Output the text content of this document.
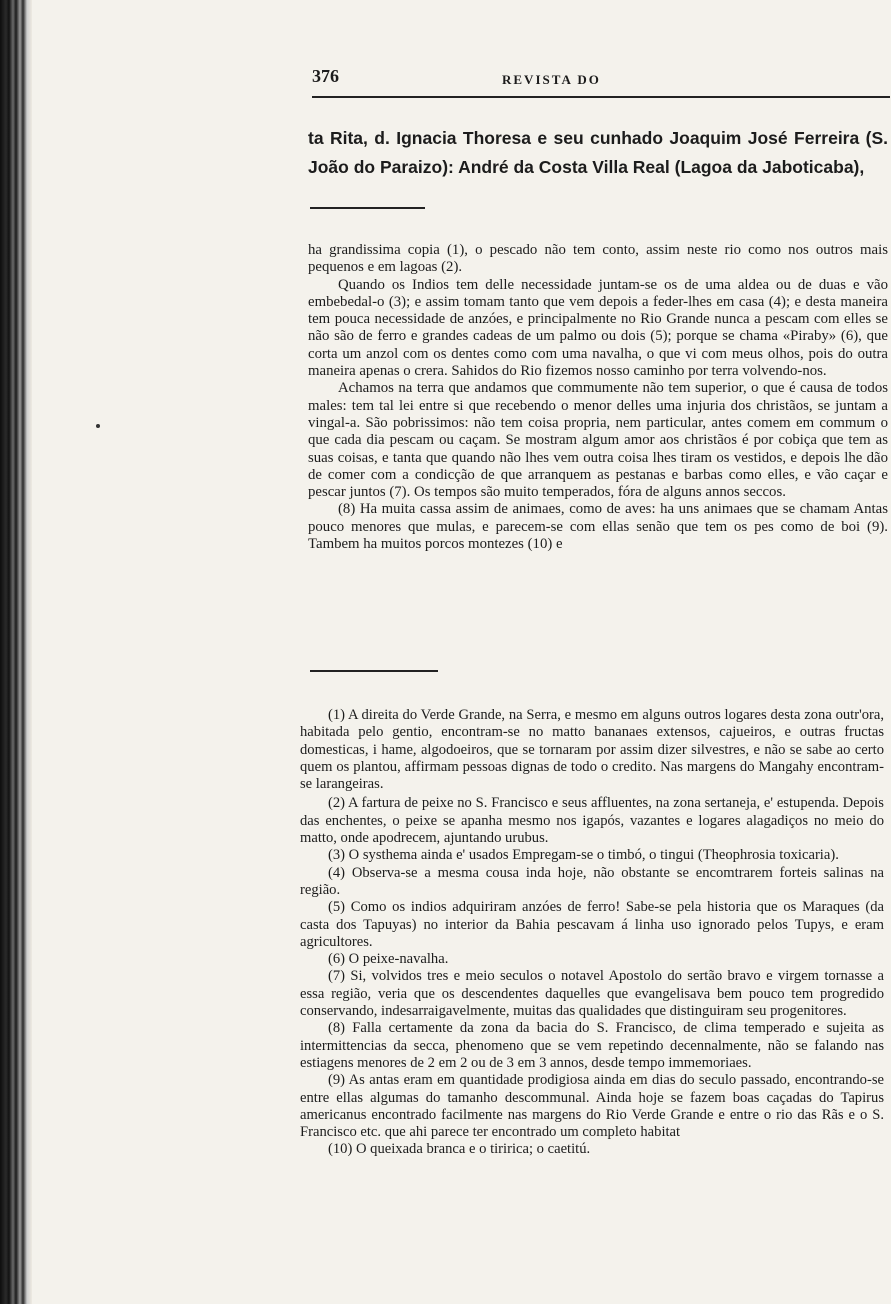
376	REVISTA DO
ta Rita, d. Ignacia Thoresa e seu cunhado Joaquim José Ferreira (S. João do Paraizo): André da Costa Villa Real (Lagoa da Jaboticaba),

ha grandissima copia (1), o pescado não tem conto, assim neste rio como nos outros mais pequenos e em lagoas (2).

Quando os Indios tem delle necessidade juntam-se os de uma aldea ou de duas e vão embebedal-o (3); e assim tomam tanto que vem depois a feder-lhes em casa (4); e desta maneira tem pouca necessidade de anzóes, e principalmente no Rio Grande nunca a pescam com elles se não são de ferro e grandes cadeas de um palmo ou dois (5); porque se chama «Piraby» (6), que corta um anzol com os dentes como com uma navalha, o que vi com meus olhos, pois do outra maneira apenas o crera. Sahidos do Rio fizemos nosso caminho por terra volvendo-nos.

Achamos na terra que andamos que commumente não tem superior, o que é causa de todos males: tem tal lei entre si que recebendo o menor delles uma injuria dos christãos, se juntam a vingal-a. São pobrissimos: não tem coisa propria, nem particular, antes comem em commum o que cada dia pescam ou caçam. Se mostram algum amor aos christãos é por cobiça que tem as suas coisas, e tanta que quando não lhes vem outra coisa lhes tiram os vestidos, e depois lhe dão de comer com a condicção de que arranquem as pestanas e barbas como elles, e vão caçar e pescar juntos (7). Os tempos são muito temperados, fóra de alguns annos seccos.

(8) Ha muita cassa assim de animaes, como de aves: ha uns animaes que se chamam Antas pouco menores que mulas, e parecem-se com ellas senão que tem os pes como de boi (9). Tambem ha muitos porcos montezes (10) e

(1) A direita do Verde Grande, na Serra, e mesmo em alguns outros logares desta zona outr'ora, habitada pelo gentio, encontram-se no matto bananaes extensos, cajueiros, e outras fructas domesticas, i hame, algodoeiros, que se tornaram por assim dizer silvestres, e não se sabe ao certo quem os plantou, affirmam pessoas dignas de todo o credito. Nas margens do Mangahy encontram-se larangeiras.

(2) A fartura de peixe no S. Francisco e seus affluentes, na zona sertaneja, e' estupenda. Depois das enchentes, o peixe se apanha mesmo nos igapós, vazantes e logares alagadiços no meio do matto, onde apodrecem, ajuntando urubus.

(3) O systhema ainda e' usados Empregam-se o timbó, o tingui (Theophrosia toxicaria).

(4) Observa-se a mesma cousa inda hoje, não obstante se encomtrarem forteis salinas na região.

(5) Como os indios adquiriram anzóes de ferro! Sabe-se pela historia que os Maraques (da casta dos Tapuyas) no interior da Bahia pescavam á linha uso ignorado pelos Tupys, e eram agricultores.

(6) O peixe-navalha.

(7) Si, volvidos tres e meio seculos o notavel Apostolo do sertão bravo e virgem tornasse a essa região, veria que os descendentes daquelles que evangelisava bem pouco tem progredido conservando, indesarraigavelmente, muitas das qualidades que distinguiram seu progenitores.

(8) Falla certamente da zona da bacia do S. Francisco, de clima temperado e sujeita as intermittencias da secca, phenomeno que se vem repetindo decennalmente, não se falando nas estiagens menores de 2 em 2 ou de 3 em 3 annos, desde tempo immemoriaes.

(9) As antas eram em quantidade prodigiosa ainda em dias do seculo passado, encontrando-se entre ellas algumas do tamanho descommunal. Ainda hoje se fazem boas caçadas do Tapirus americanus encontrado facilmente nas margens do Rio Verde Grande e entre o rio das Rãs e o S. Francisco etc. que ahi parece ter encontrado um completo habitat

(10) O queixada branca e o tiririca; o caetitú.
